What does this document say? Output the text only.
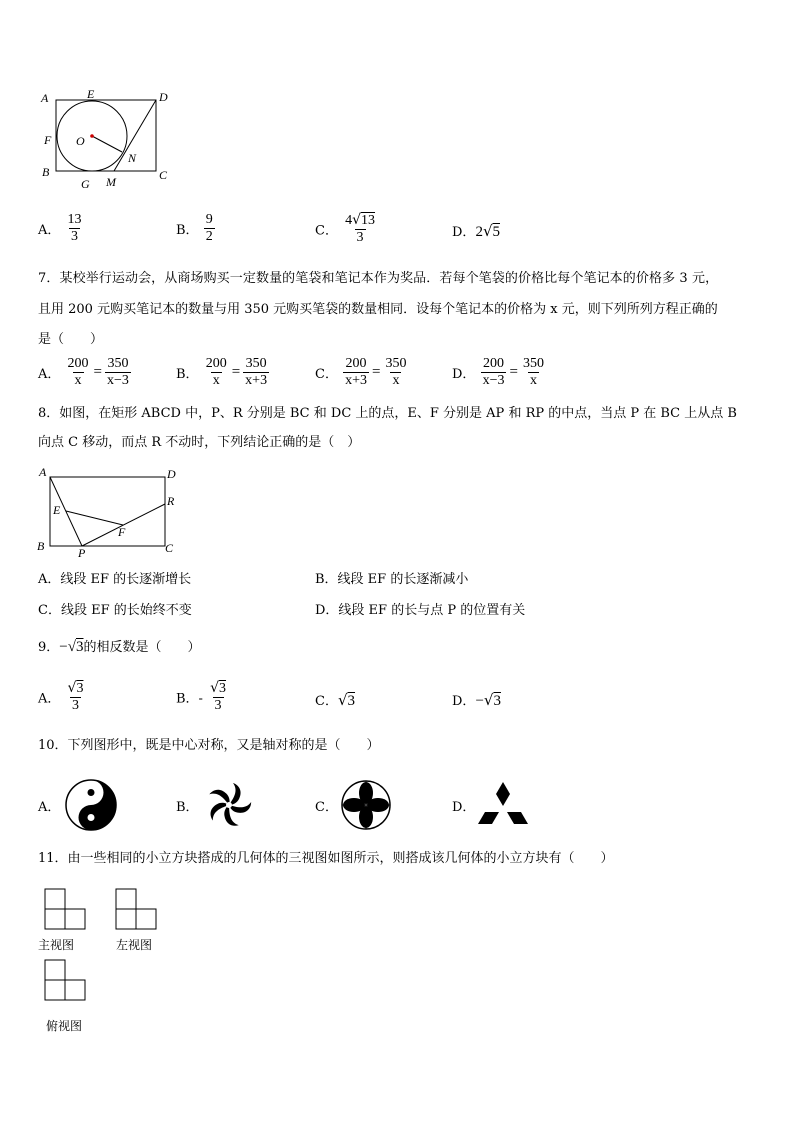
A	E	D
F O
N
B
G M	C
A． $\frac{13}{3}$	B． $\frac{9}{2}$	C． $\frac{4√13}{3}$	D．2√5
7．某校举行运动会，从商场购买一定数量的笔袋和笔记本作为奖品．若每个笔袋的价格比每个笔记本的价格多 3 元，
且用 200 元购买笔记本的数量与用 350 元购买笔袋的数量相同．设每个笔记本的价格为 x 元，则下列所列方程正确的
是（　　）
A． $\frac{200}{x} = \frac{350}{x-3}$	B． $\frac{200}{x} = \frac{350}{x+3}$	C． $\frac{200}{x+3} = \frac{350}{x}$	D． $\frac{200}{x-3} = \frac{350}{x}$
8．如图，在矩形 ABCD 中，P、R 分别是 BC 和 DC 上的点，E、F 分别是 AP 和 RP 的中点，当点 P 在 BC 上从点 B
向点 C 移动，而点 R 不动时，下列结论正确的是（　）
A	D
R
E
F
B	P	C
A．线段 EF 的长逐渐增长	B．线段 EF 的长逐渐减小
C．线段 EF 的长始终不变	D．线段 EF 的长与点 P 的位置有关
9．−√3的相反数是（　　）
A． $\frac{√3}{3}$	B．- $\frac{√3}{3}$	C．√3	D．−√3
10．下列图形中，既是中心对称，又是轴对称的是（　　）
A．	B．	C．	D．
11．由一些相同的小立方块搭成的几何体的三视图如图所示，则搭成该几何体的小立方块有（　　）
主视图	左视图
俯视图
